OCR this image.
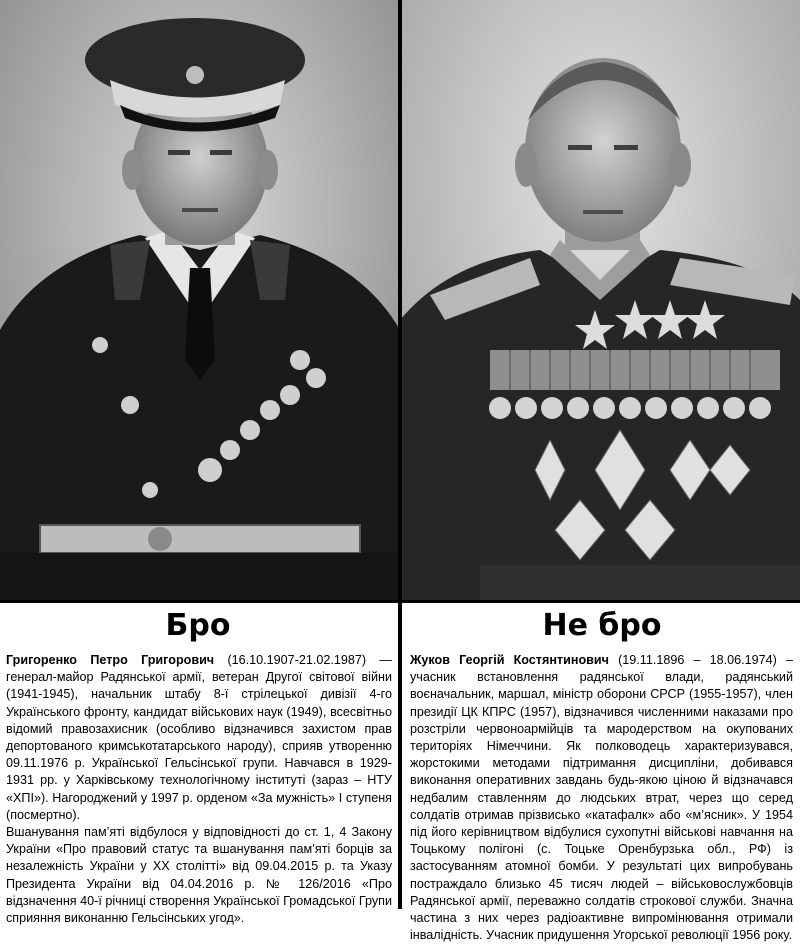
Бро

Григоренко Петро Григорович (16.10.1907-21.02.1987) — генерал-майор Радянської армії, ветеран Другої світової війни (1941-1945), начальник штабу 8-ї стрілецької дивізії 4-го Українського фронту, кандидат військових наук (1949), всесвітньо відомий правозахисник (особливо відзначився захистом прав депортованого кримськотатарського народу), сприяв утворенню 09.11.1976 р. Української Гельсінської групи. Навчався в 1929-1931 рр. у Харківському технологічному інституті (зараз – НТУ «ХПІ»). Нагороджений у 1997 р. орденом «За мужність» І ступеня (посмертно).

Вшанування пам’яті відбулося у відповідності до ст. 1, 4 Закону України «Про правовий статус та вшанування пам’яті борців за незалежність України у ХХ столітті» від 09.04.2015 р. та Указу Президента України від 04.04.2016 р. № 126/2016 «Про відзначення 40-ї річниці створення Української Громадської Групи сприяння виконанню Гельсінських угод».

Не бро

Жуков Георгій Костянтинович (19.11.1896 – 18.06.1974) – учасник встановлення радянської влади, радянський воєначальник, маршал, міністр оборони СРСР (1955-1957), член президії ЦК КПРС (1957), відзначився численними наказами про розстріли червоноармійців та мародерством на окупованих територіях Німеччини. Як полководець характеризувався, жорстокими методами підтримання дисципліни, добивався виконання оперативних завдань будь-якою ціною й відзначався недбалим ставленням до людських втрат, через що серед солдатів отримав прізвисько «катафалк» або «м’ясник». У 1954 під його керівництвом відбулися сухопутні військові навчання на Тоцькому полігоні (с. Тоцьке Оренбурзька обл., РФ) із застосуванням атомної бомби. У результаті цих випробувань постраждало близько 45 тисяч людей – військовослужбовців Радянської армії, переважно солдатів строкової служби. Значна частина з них через радіоактивне випромінювання отримали інвалідність. Учасник придушення Угорської революції 1956 року.
